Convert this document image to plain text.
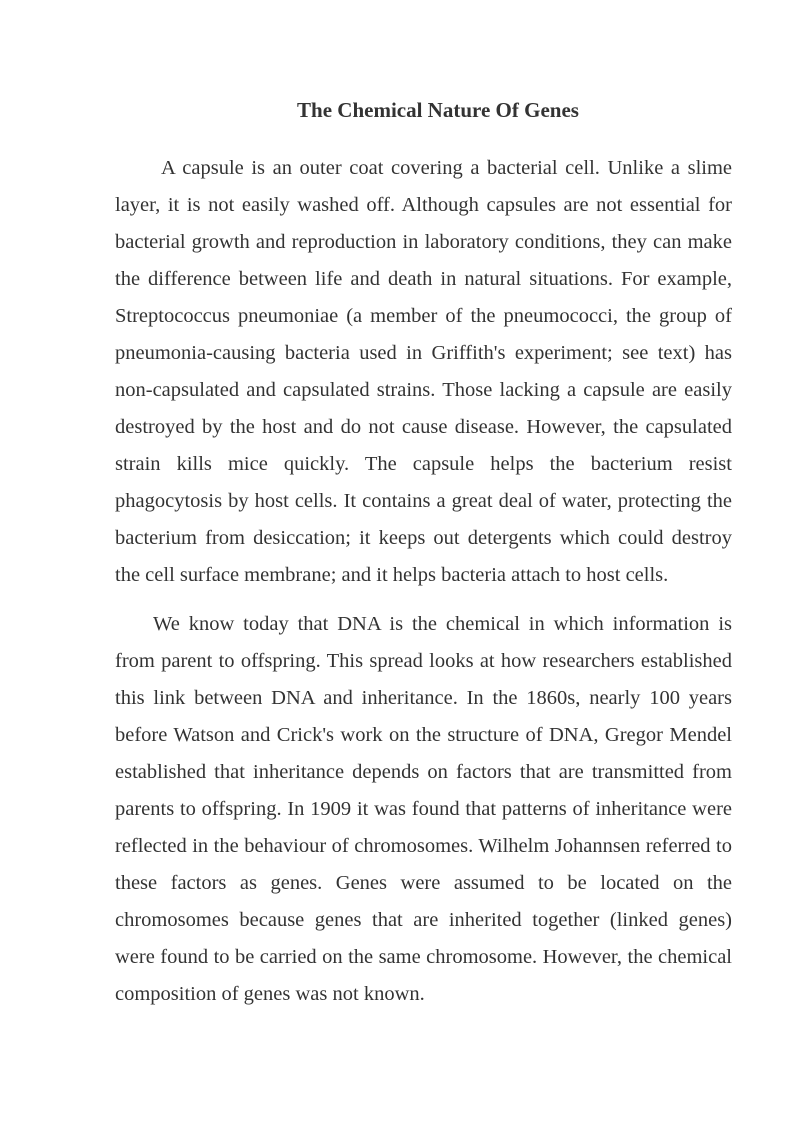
The Chemical Nature Of Genes

A capsule is an outer coat covering a bacterial cell. Unlike a slime layer, it is not easily washed off. Although capsules are not essential for bacterial growth and reproduction in laboratory conditions, they can make the difference between life and death in natural situations. For example, Streptococcus pneumoniae (a member of the pneumococci, the group of pneumonia-causing bacteria used in Griffith's experiment; see text) has non-capsulated and capsulated strains. Those lacking a capsule are easily destroyed by the host and do not cause disease. However, the capsulated strain kills mice quickly. The capsule helps the bacterium resist phagocytosis by host cells. It contains a great deal of water, protecting the bacterium from desiccation; it keeps out detergents which could destroy the cell surface membrane; and it helps bacteria attach to host cells.

We know today that DNA is the chemical in which information is from parent to offspring. This spread looks at how researchers established this link between DNA and inheritance. In the 1860s, nearly 100 years before Watson and Crick's work on the structure of DNA, Gregor Mendel established that inheritance depends on factors that are transmitted from parents to offspring. In 1909 it was found that patterns of inheritance were reflected in the behaviour of chromosomes. Wilhelm Johannsen referred to these factors as genes. Genes were assumed to be located on the chromosomes because genes that are inherited together (linked genes) were found to be carried on the same chromosome. However, the chemical composition of genes was not known.
